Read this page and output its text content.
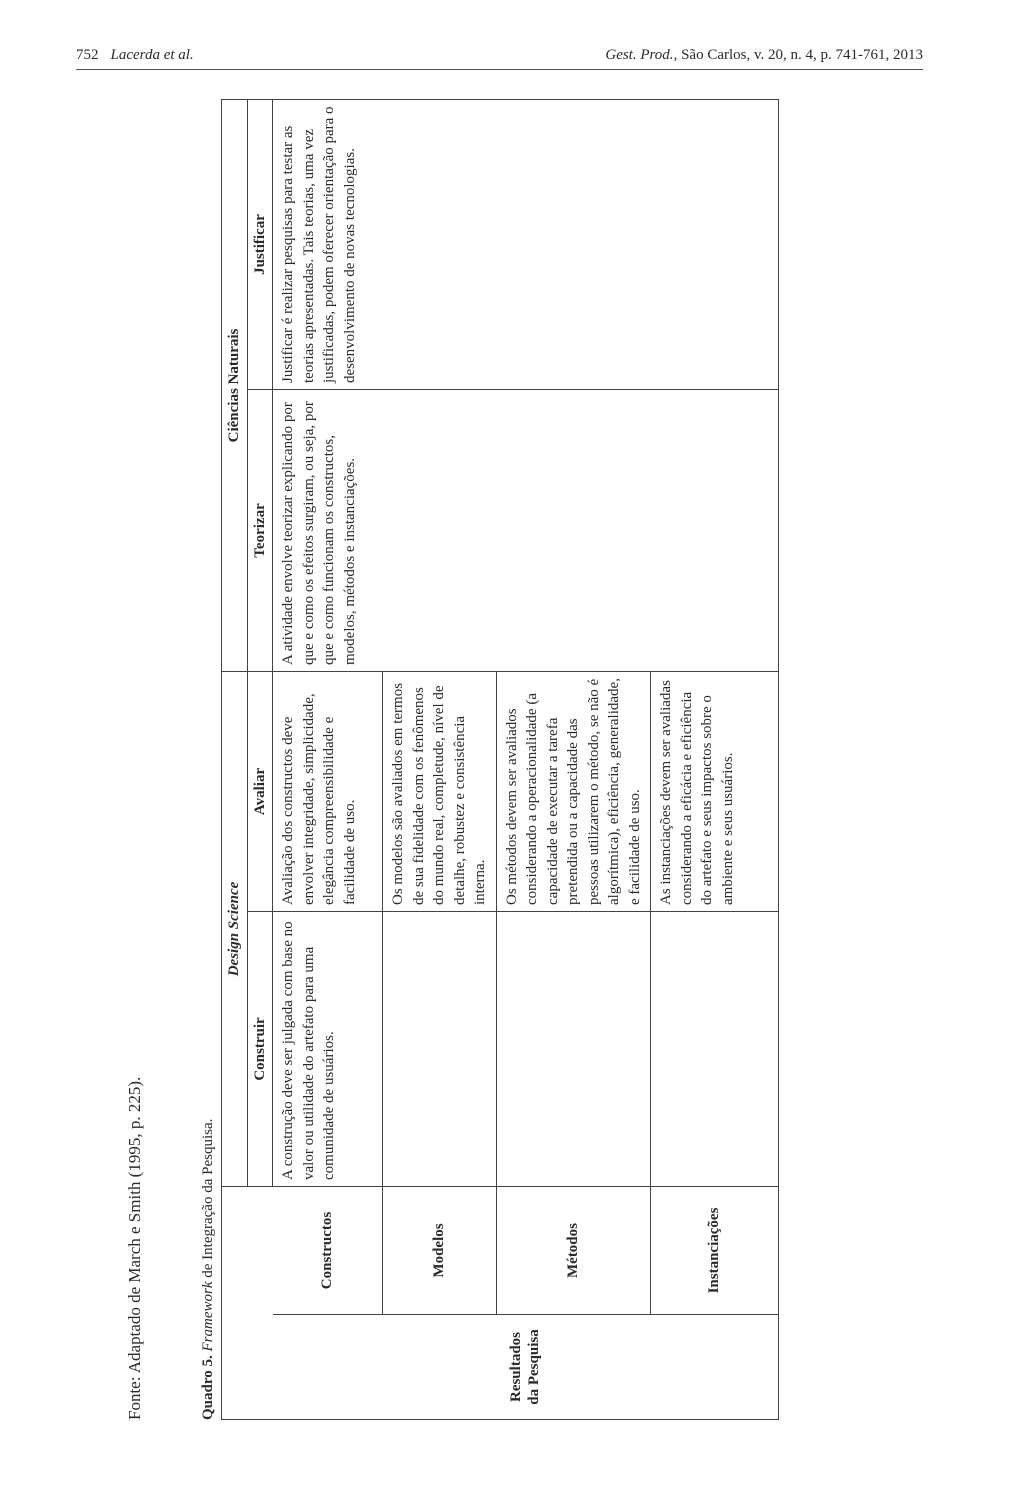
752 Lacerda et al.	Gest. Prod., São Carlos, v. 20, n. 4, p. 741-761, 2013
Fonte: Adaptado de March e Smith (1995, p. 225).	Quadro 5. Framework de Integração da Pesquisa.
		Design Science		Ciências Naturais	
		Construir	Avaliar	Teorizar	Justificar
Resultados da Pesquisa	Constructos	A construção deve ser julgada com base no valor ou utilidade do artefato para uma comunidade de usuários.	Avaliação dos constructos deve envolver integridade, simplicidade, elegância compreensibilidade e facilidade de uso.	A atividade envolve teorizar explicando por que e como os efeitos surgiram, ou seja, por que e como funcionam os constructos, modelos, métodos e instanciações.	Justificar é realizar pesquisas para testar as teorias apresentadas. Tais teorias, uma vez justificadas, podem oferecer orientação para o desenvolvimento de novas tecnologias.
	Modelos		Os modelos são avaliados em termos de sua fidelidade com os fenômenos do mundo real, completude, nível de detalhe, robustez e consistência interna.		
	Métodos		Os métodos devem ser avaliados considerando a operacionalidade (a capacidade de executar a tarefa pretendida ou a capacidade das pessoas utilizarem o método, se não é algorítmica), eficiência, generalidade, e facilidade de uso.		
	Instanciações		As instanciações devem ser avaliadas considerando a eficácia e eficiência do artefato e seus impactos sobre o ambiente e seus usuários.		
